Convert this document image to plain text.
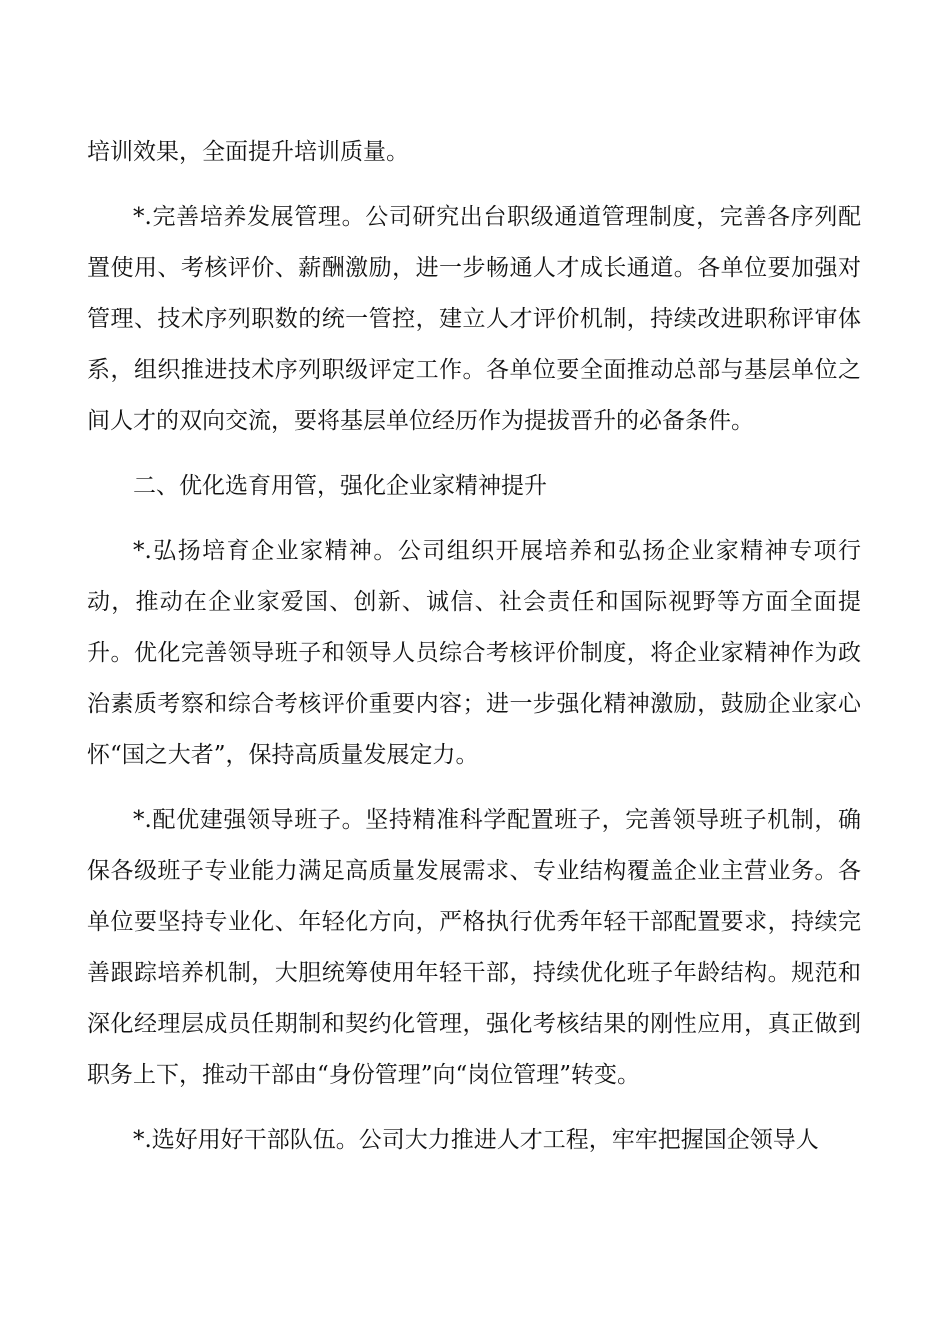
培训效果，全面提升培训质量。

*.完善培养发展管理。公司研究出台职级通道管理制度，完善各序列配置使用、考核评价、薪酬激励，进一步畅通人才成长通道。各单位要加强对管理、技术序列职数的统一管控，建立人才评价机制，持续改进职称评审体系，组织推进技术序列职级评定工作。各单位要全面推动总部与基层单位之间人才的双向交流，要将基层单位经历作为提拔晋升的必备条件。

二、优化选育用管，强化企业家精神提升

*.弘扬培育企业家精神。公司组织开展培养和弘扬企业家精神专项行动，推动在企业家爱国、创新、诚信、社会责任和国际视野等方面全面提升。优化完善领导班子和领导人员综合考核评价制度，将企业家精神作为政治素质考察和综合考核评价重要内容；进一步强化精神激励，鼓励企业家心怀“国之大者”，保持高质量发展定力。

*.配优建强领导班子。坚持精准科学配置班子，完善领导班子机制，确保各级班子专业能力满足高质量发展需求、专业结构覆盖企业主营业务。各单位要坚持专业化、年轻化方向，严格执行优秀年轻干部配置要求，持续完善跟踪培养机制，大胆统筹使用年轻干部，持续优化班子年龄结构。规范和深化经理层成员任期制和契约化管理，强化考核结果的刚性应用，真正做到职务上下，推动干部由“身份管理”向“岗位管理”转变。

*.选好用好干部队伍。公司大力推进人才工程，牢牢把握国企领导人
